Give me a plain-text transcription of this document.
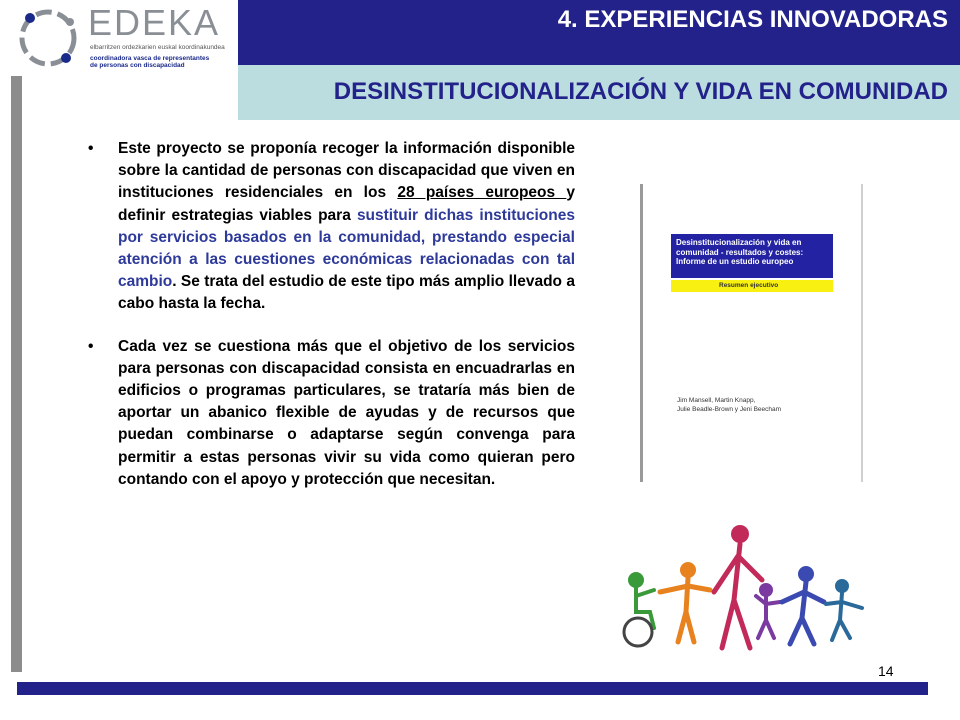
EDEKA
elbarritzen ordezkarien euskal koordinakundea
coordinadora vasca de representantes
de personas con discapacidad
4. EXPERIENCIAS INNOVADORAS
DESINSTITUCIONALIZACIÓN Y VIDA EN COMUNIDAD
•	Este proyecto se proponía recoger la información disponible sobre la cantidad de personas con discapacidad que viven en instituciones residenciales en los 28 países europeos y definir estrategias viables para sustituir dichas instituciones por servicios basados en la comunidad, prestando especial atención a las cuestiones económicas relacionadas con tal cambio. Se trata del estudio de este tipo más amplio llevado a cabo hasta la fecha.
•	Cada vez se cuestiona más que el objetivo de los servicios para personas con discapacidad consista en encuadrarlas en edificios o programas particulares, se trataría más bien de aportar un abanico flexible de ayudas y de recursos que puedan combinarse o adaptarse según convenga para permitir a estas personas vivir su vida como quieran pero contando con el apoyo y protección que necesitan.
Desinstitucionalización y vida en comunidad - resultados y costes: Informe de un estudio europeo
Resumen ejecutivo
Jim Mansell, Martin Knapp,
Julie Beadle-Brown y Jeni Beecham
14
